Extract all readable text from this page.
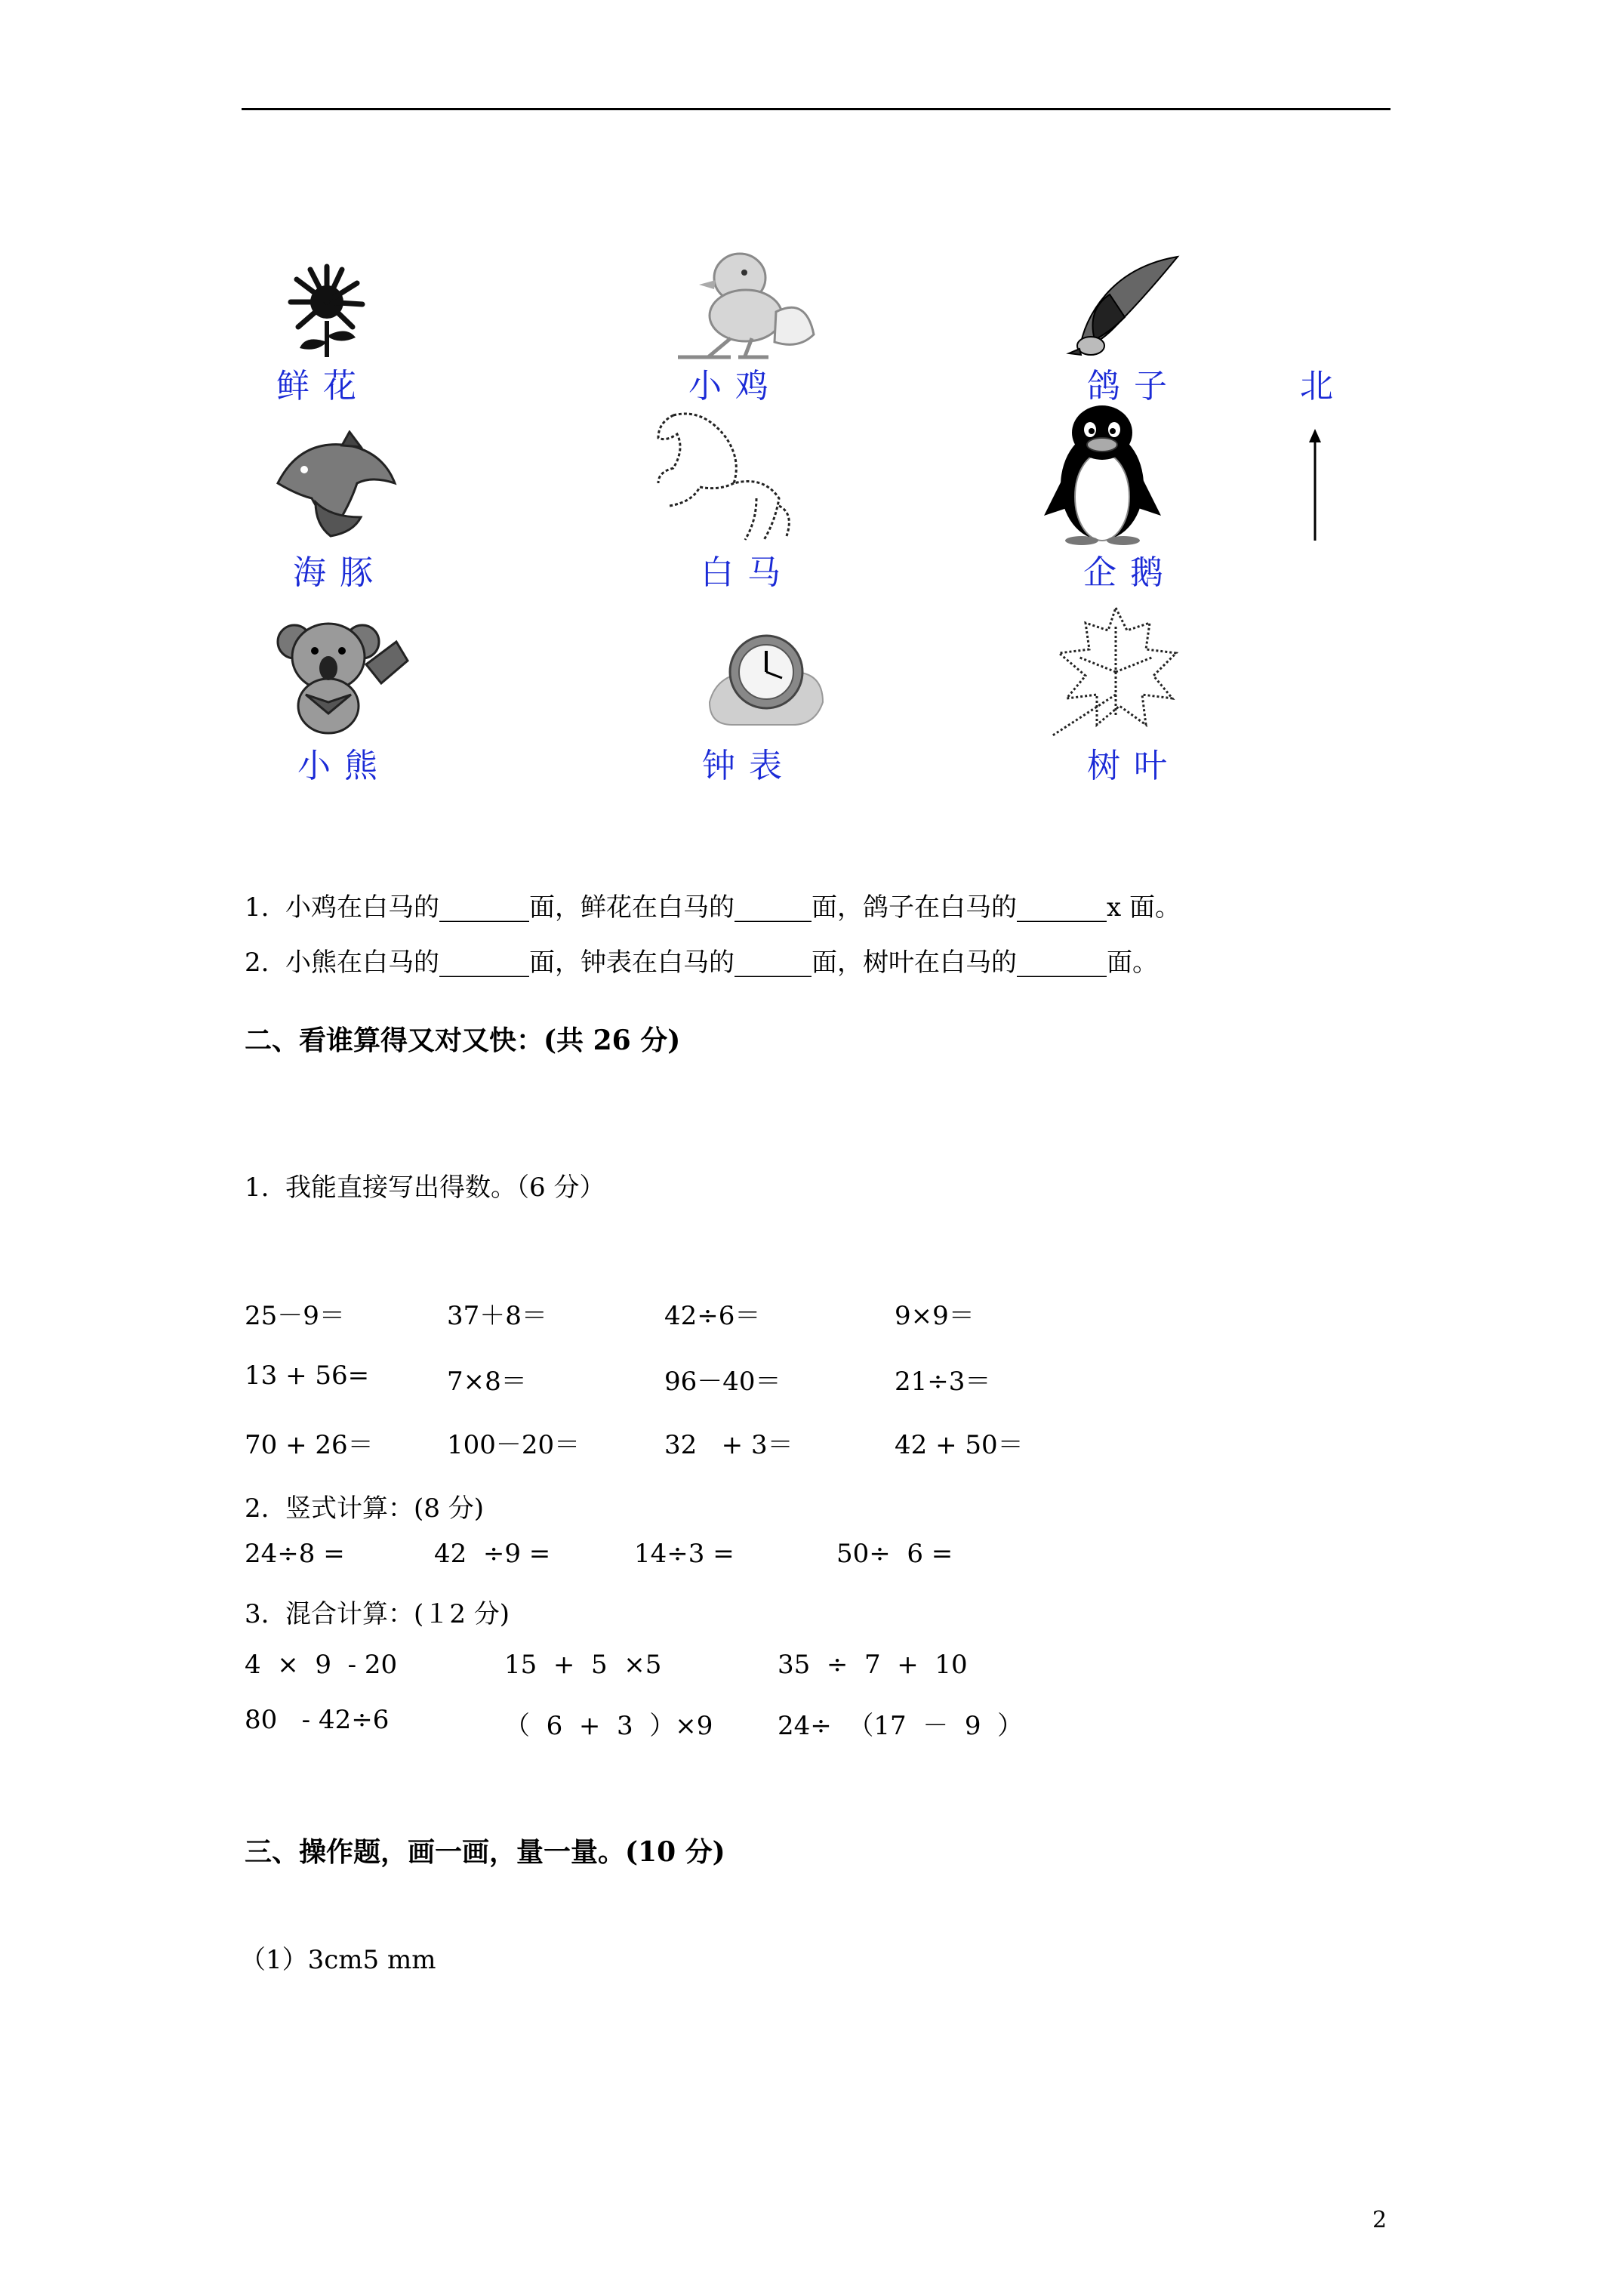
鲜花	小鸡	鸽子	北
海豚	白马	企鹅
小熊	钟表	树叶
1.  小鸡在白马的_______面，鲜花在白马的______面，鸽子在白马的_______x 面。
2.  小熊在白马的_______面，钟表在白马的______面，树叶在白马的_______面。
二、看谁算得又对又快：(共 26 分)
1.  我能直接写出得数。（6 分）
25－9＝	37＋8＝	42÷6＝	9×9＝
13 + 56=	7×8＝	96－40＝	21÷3＝
70 + 26＝	100－20＝	32   + 3＝	42 + 50＝
2.  竖式计算：(8 分)
24÷8 =	42  ÷9 =	14÷3 =	50÷  6 =
3.  混合计算：(１2 分)
4  ×  9  - 20	15  +  5  ×5	35  ÷  7  +  10
80   - 42÷6	（  6  +  3  ）×9	24÷  （17  －  9  ）
三、操作题，画一画，量一量。(10 分)
（1）3cm5 mm
2
